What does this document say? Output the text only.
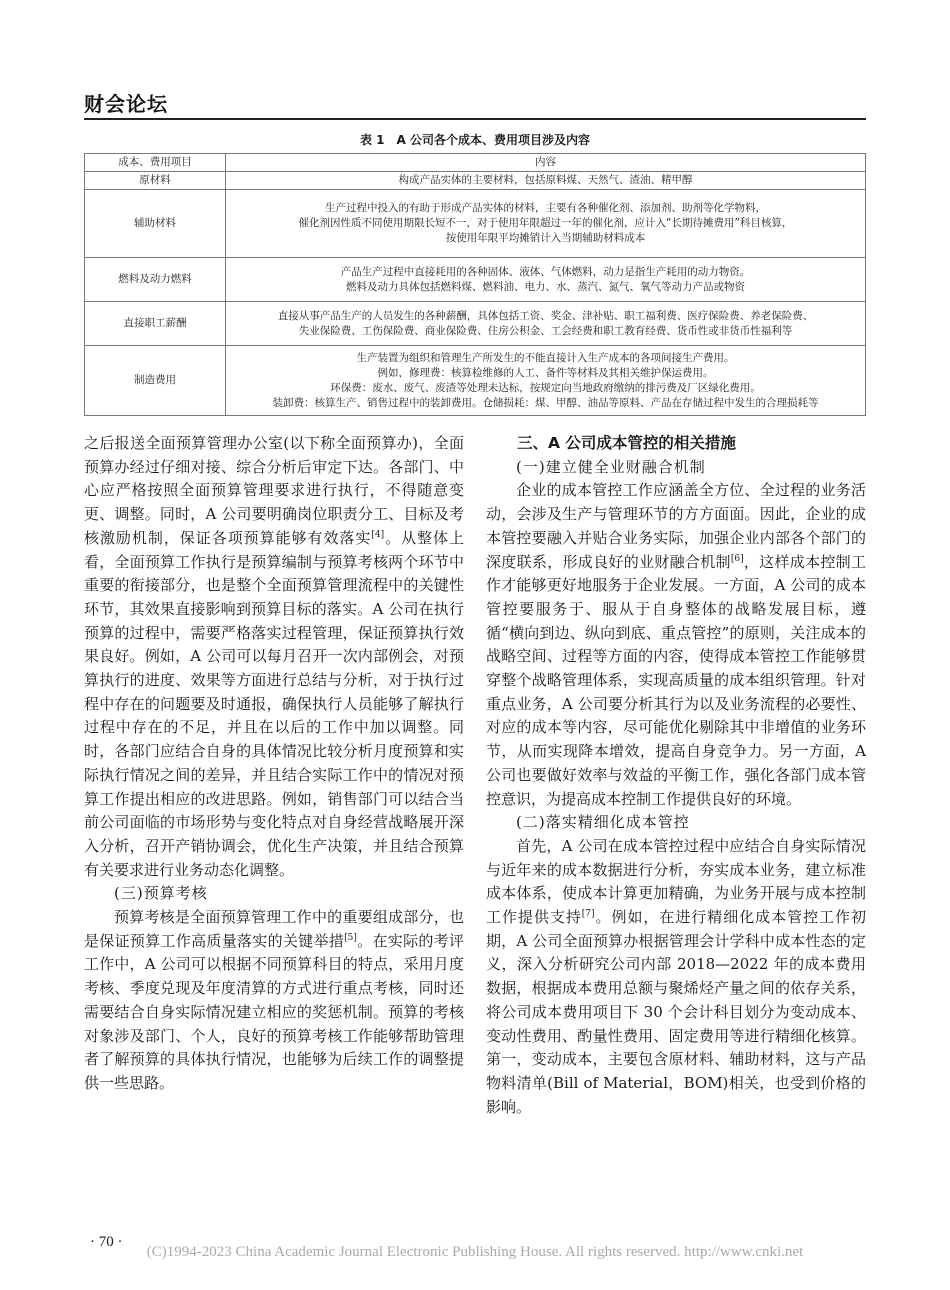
财会论坛
表 1　A 公司各个成本、费用项目涉及内容
成本、费用项目	内容
原材料	构成产品实体的主要材料，包括原料煤、天然气、渣油、精甲醇

辅助材料	生产过程中投入的有助于形成产品实体的材料，主要有各种催化剂、添加剂、助剂等化学物料，
催化剂因性质不同使用期限长短不一，对于使用年限超过一年的催化剂，应计入“长期待摊费用”科目核算，
按使用年限平均摊销计入当期辅助材料成本

燃料及动力燃料	产品生产过程中直接耗用的各种固体、液体、气体燃料，动力是指生产耗用的动力物资。
燃料及动力具体包括燃料煤、燃料油、电力、水、蒸汽、氮气、氧气等动力产品或物资

直接职工薪酬	直接从事产品生产的人员发生的各种薪酬，具体包括工资、奖金、津补贴、职工福利费、医疗保险费、养老保险费、
失业保险费、工伤保险费、商业保险费、住房公积金、工会经费和职工教育经费、货币性或非货币性福利等

制造费用	生产装置为组织和管理生产所发生的不能直接计入生产成本的各项间接生产费用。
例如，修理费：核算检维修的人工、备件等材料及其相关维护保运费用。
环保费：废水、废气、废渣等处理未达标，按规定向当地政府缴纳的排污费及厂区绿化费用。
装卸费：核算生产、销售过程中的装卸费用。仓储损耗：煤、甲醇、油品等原料、产品在存储过程中发生的合理损耗等

之后报送全面预算管理办公室(以下称全面预算办)，全面预算办经过仔细对接、综合分析后审定下达。各部门、中心应严格按照全面预算管理要求进行执行，不得随意变更、调整。同时，A 公司要明确岗位职责分工、目标及考核激励机制，保证各项预算能够有效落实[4]。从整体上看，全面预算工作执行是预算编制与预算考核两个环节中重要的衔接部分，也是整个全面预算管理流程中的关键性环节，其效果直接影响到预算目标的落实。A 公司在执行预算的过程中，需要严格落实过程管理，保证预算执行效果良好。例如，A 公司可以每月召开一次内部例会，对预算执行的进度、效果等方面进行总结与分析，对于执行过程中存在的问题要及时通报，确保执行人员能够了解执行过程中存在的不足，并且在以后的工作中加以调整。同时，各部门应结合自身的具体情况比较分析月度预算和实际执行情况之间的差异，并且结合实际工作中的情况对预算工作提出相应的改进思路。例如，销售部门可以结合当前公司面临的市场形势与变化特点对自身经营战略展开深入分析，召开产销协调会，优化生产决策，并且结合预算有关要求进行业务动态化调整。

(三)预算考核

预算考核是全面预算管理工作中的重要组成部分，也是保证预算工作高质量落实的关键举措[5]。在实际的考评工作中，A 公司可以根据不同预算科目的特点，采用月度考核、季度兑现及年度清算的方式进行重点考核，同时还需要结合自身实际情况建立相应的奖惩机制。预算的考核对象涉及部门、个人，良好的预算考核工作能够帮助管理者了解预算的具体执行情况，也能够为后续工作的调整提供一些思路。

三、A 公司成本管控的相关措施

(一)建立健全业财融合机制

企业的成本管控工作应涵盖全方位、全过程的业务活动，会涉及生产与管理环节的方方面面。因此，企业的成本管控要融入并贴合业务实际，加强企业内部各个部门的深度联系，形成良好的业财融合机制[6]，这样成本控制工作才能够更好地服务于企业发展。一方面，A 公司的成本管控要服务于、服从于自身整体的战略发展目标，遵循“横向到边、纵向到底、重点管控”的原则，关注成本的战略空间、过程等方面的内容，使得成本管控工作能够贯穿整个战略管理体系，实现高质量的成本组织管理。针对重点业务，A 公司要分析其行为以及业务流程的必要性、对应的成本等内容，尽可能优化剔除其中非增值的业务环节，从而实现降本增效，提高自身竞争力。另一方面，A 公司也要做好效率与效益的平衡工作，强化各部门成本管控意识，为提高成本控制工作提供良好的环境。

(二)落实精细化成本管控

首先，A 公司在成本管控过程中应结合自身实际情况与近年来的成本数据进行分析，夯实成本业务，建立标准成本体系，使成本计算更加精确，为业务开展与成本控制工作提供支持[7]。例如，在进行精细化成本管控工作初期，A 公司全面预算办根据管理会计学科中成本性态的定义，深入分析研究公司内部 2018—2022 年的成本费用数据，根据成本费用总额与聚烯烃产量之间的依存关系，将公司成本费用项目下 30 个会计科目划分为变动成本、变动性费用、酌量性费用、固定费用等进行精细化核算。第一，变动成本，主要包含原材料、辅助材料，这与产品物料清单(Bill of Material，BOM)相关，也受到价格的影响。

· 70 ·
(C)1994-2023 China Academic Journal Electronic Publishing House. All rights reserved. http://www.cnki.net
